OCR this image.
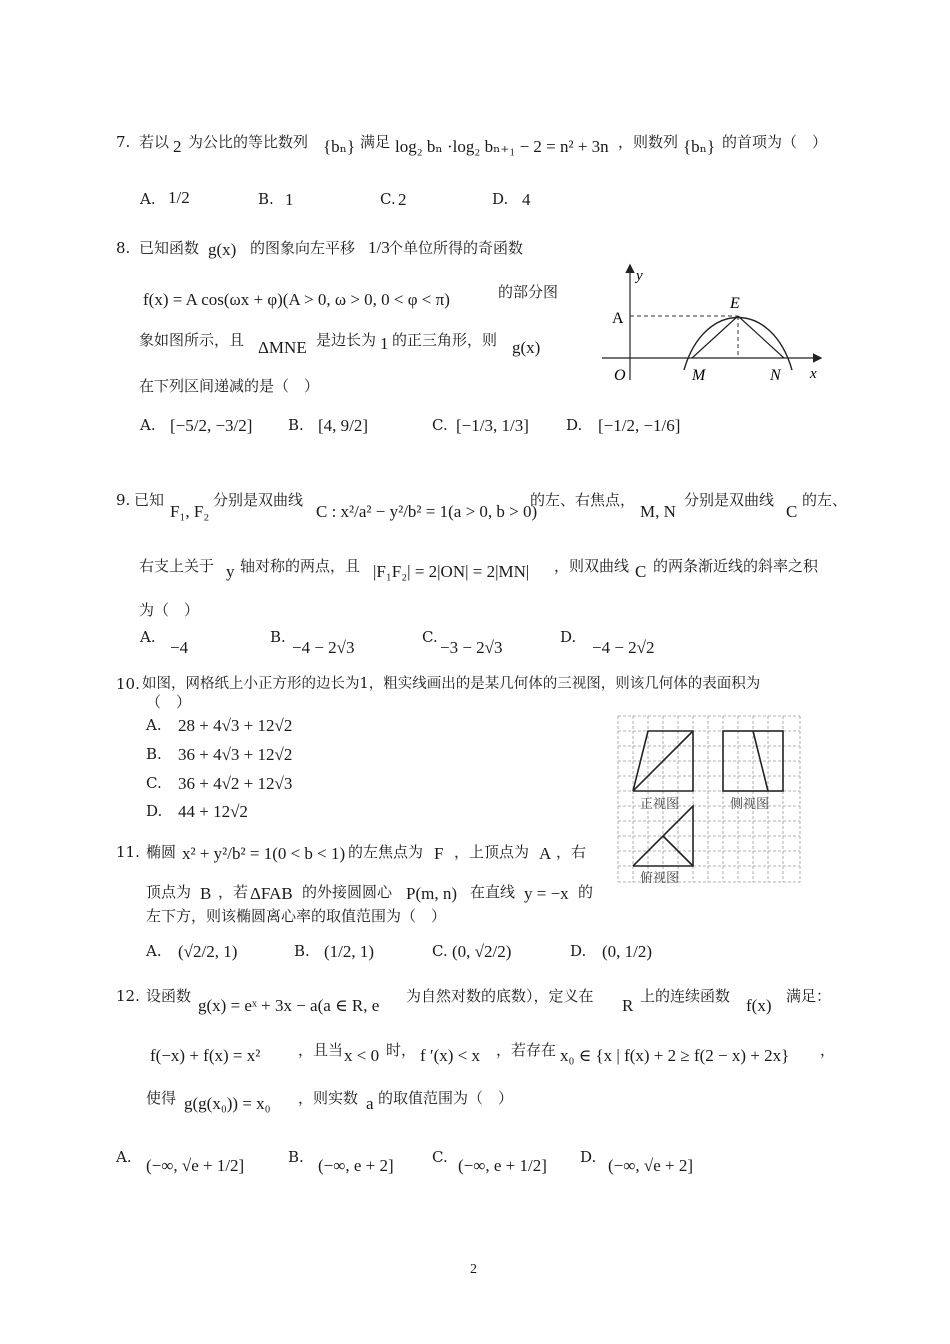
7. 若以 2 为公比的等比数列 {bₙ} 满足 log₂ bₙ ·log₂ bₙ₊₁ − 2 = n² + 3n ，则数列 {bₙ} 的首项为（　）
A. 1/2	B. 1	C. 2	D. 4
8. 已知函数 g(x) 的图象向左平移 1/3
个单位所得的奇函数
f(x) = A cos(ωx + φ)(A > 0, ω > 0, 0 < φ < π)	的部分图
象如图所示，且 ΔMNE 是边长为 1 的正三角形，则 g(x)
在下列区间递减的是（　）
A. [−5/2, −3/2] B. [4, 9/2]	C. [−1/3, 1/3] D. [−1/2, −1/6]
y
A
E
O	M	N x
9. 已知
F₁, F₂
分别是双曲线
C : x²/a² − y²/b² = 1(a > 0, b > 0)
的左、右焦点，
M, N
分别是双曲线
C
的左、
右支上关于 y 轴对称的两点，且 |F₁F₂| = 2|ON| = 2|MN| ，则双曲线 C 的两条渐近线的斜率之积
为（　）
A.
−4
B.
−4 − 2√3
C.
−3 − 2√3
D.
−4 − 2√2
10. 如图，网格纸上小正方形的边长为1，粗实线画出的是某几何体的三视图，则该几何体的表面积为
（　）
A. 28 + 4√3 + 12√2
B. 36 + 4√3 + 12√2
C. 36 + 4√2 + 12√3
D. 44 + 12√2	正视图	侧视图
俯视图
11. 椭圆 x² + y²/b² = 1(0 < b < 1) 的左焦点为 F ，上顶点为 A ，右
顶点为 B ，若 ΔFAB 的外接圆圆心 P(m, n) 在直线 y = −x 的
左下方，则该椭圆离心率的取值范围为（　）
A. (√2/2, 1)	B. (1/2, 1)	C. (0, √2/2)	D. (0, 1/2)
12. 设函数 g(x) = eˣ + 3x − a(a ∈ R, e 为自然对数的底数），定义在 R 上的连续函数 f(x) 满足：
f(−x) + f(x) = x²	，且当 x < 0 时， f ′(x) < x ，若存在 x₀ ∈ {x | f(x) + 2 ≥ f(2 − x) + 2x} ，
使得 g(g(x₀)) = x₀ ，则实数 a 的取值范围为（　）
A. (−∞, √e + 1/2]	B. (−∞, e + 2]	C. (−∞, e + 1/2] D. (−∞, √e + 2]
2
